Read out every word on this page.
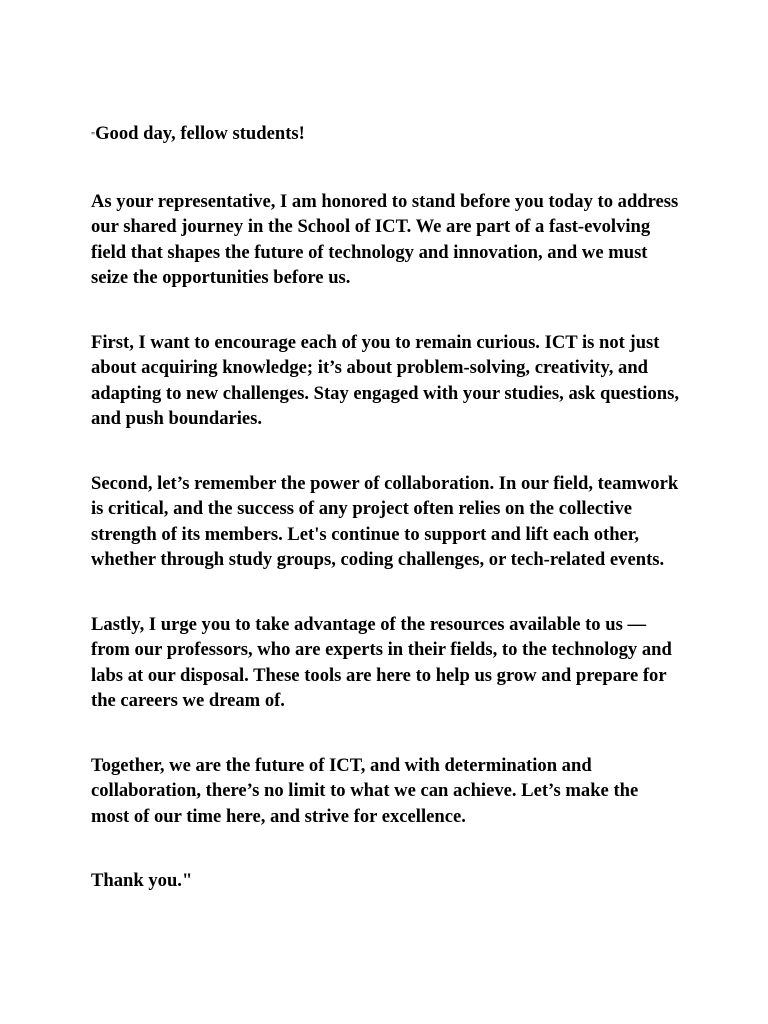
"Good day, fellow students!

As your representative, I am honored to stand before you today to address our shared journey in the School of ICT. We are part of a fast-evolving field that shapes the future of technology and innovation, and we must seize the opportunities before us.

First, I want to encourage each of you to remain curious. ICT is not just about acquiring knowledge; it’s about problem-solving, creativity, and adapting to new challenges. Stay engaged with your studies, ask questions, and push boundaries.

Second, let’s remember the power of collaboration. In our field, teamwork is critical, and the success of any project often relies on the collective strength of its members. Let's continue to support and lift each other, whether through study groups, coding challenges, or tech-related events.

Lastly, I urge you to take advantage of the resources available to us — from our professors, who are experts in their fields, to the technology and labs at our disposal. These tools are here to help us grow and prepare for the careers we dream of.

Together, we are the future of ICT, and with determination and collaboration, there’s no limit to what we can achieve. Let’s make the most of our time here, and strive for excellence.

Thank you."
